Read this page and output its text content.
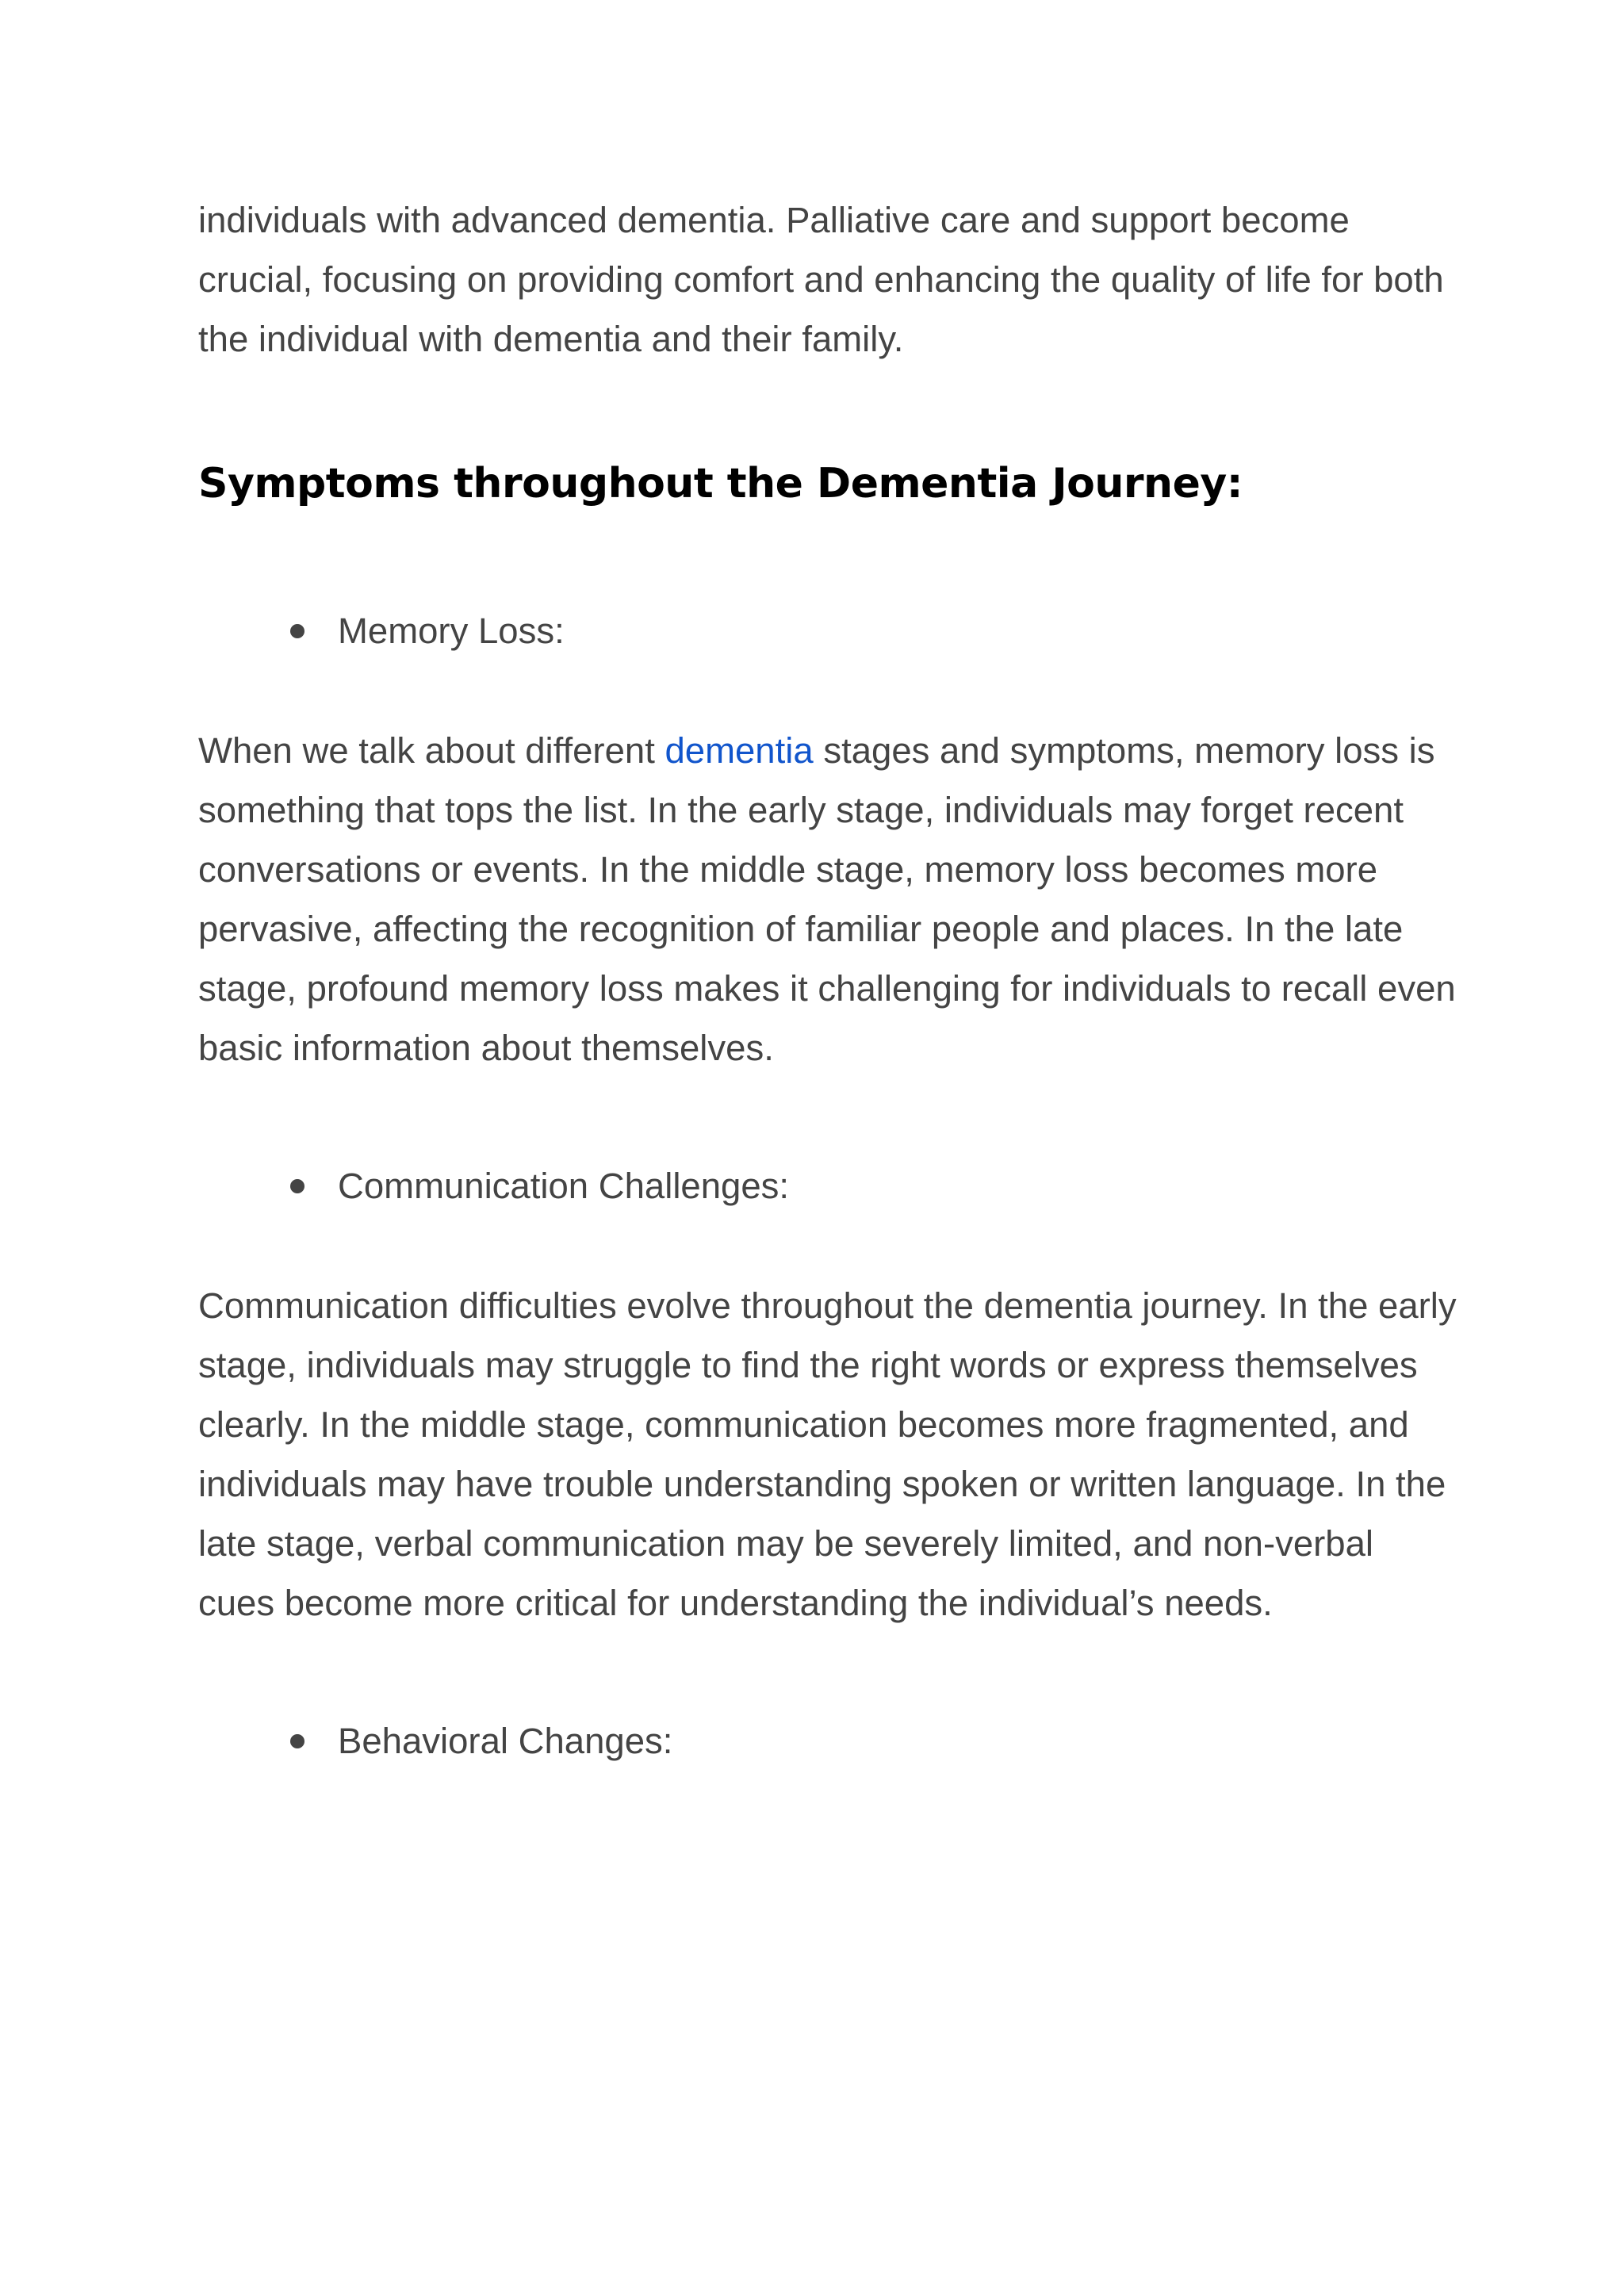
individuals with advanced dementia. Palliative care and support become crucial, focusing on providing comfort and enhancing the quality of life for both the individual with dementia and their family.

Symptoms throughout the Dementia Journey:

Memory Loss:

When we talk about different dementia stages and symptoms, memory loss is something that tops the list. In the early stage, individuals may forget recent conversations or events. In the middle stage, memory loss becomes more pervasive, affecting the recognition of familiar people and places. In the late stage, profound memory loss makes it challenging for individuals to recall even basic information about themselves.

Communication Challenges:

Communication difficulties evolve throughout the dementia journey. In the early stage, individuals may struggle to find the right words or express themselves clearly. In the middle stage, communication becomes more fragmented, and individuals may have trouble understanding spoken or written language. In the late stage, verbal communication may be severely limited, and non-verbal cues become more critical for understanding the individual’s needs.

Behavioral Changes:
